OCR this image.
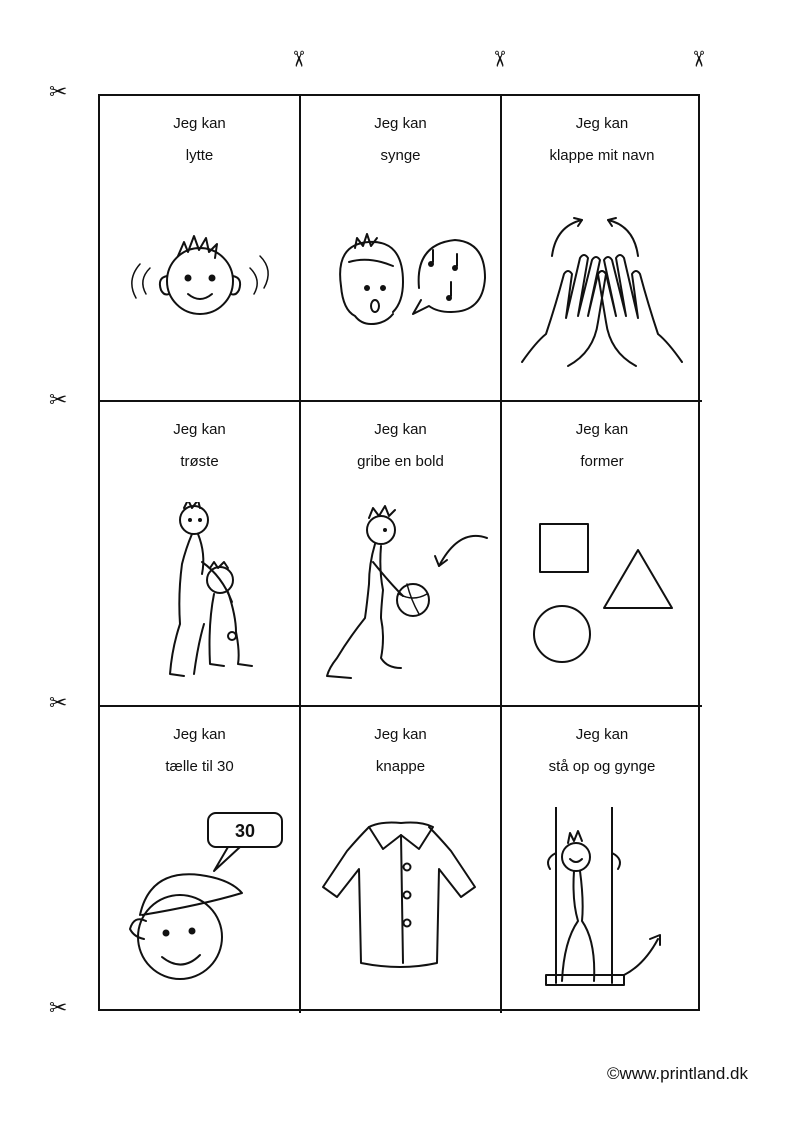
✂	✂	✂
✂
✂
✂
✂
Jeg kan
lytte
Jeg kan
synge
Jeg kan
klappe mit navn
Jeg kan
trøste
Jeg kan
gribe en bold
Jeg kan
former
Jeg kan
tælle til 30
30
Jeg kan
knappe
Jeg kan
stå op og gynge
©www.printland.dk
